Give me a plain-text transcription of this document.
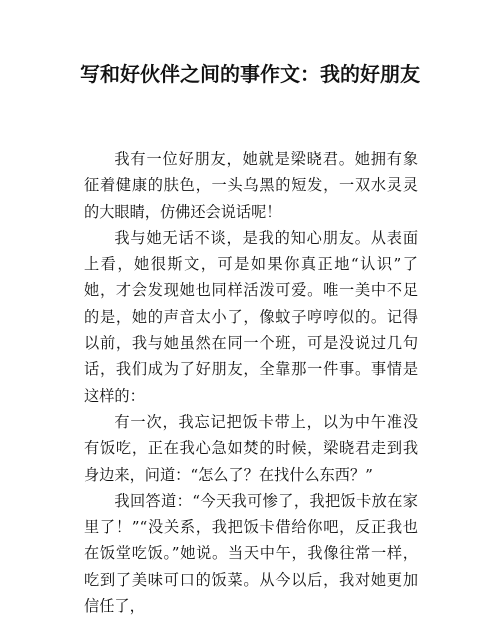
写和好伙伴之间的事作文：我的好朋友

我有一位好朋友，她就是梁晓君。她拥有象征着健康的肤色，一头乌黑的短发，一双水灵灵的大眼睛，仿佛还会说话呢！

我与她无话不谈，是我的知心朋友。从表面上看，她很斯文，可是如果你真正地“认识”了她，才会发现她也同样活泼可爱。唯一美中不足的是，她的声音太小了，像蚊子哼哼似的。记得以前，我与她虽然在同一个班，可是没说过几句话，我们成为了好朋友，全靠那一件事。事情是这样的：

有一次，我忘记把饭卡带上，以为中午准没有饭吃，正在我心急如焚的时候，梁晓君走到我身边来，问道：“怎么了？在找什么东西？”

我回答道：“今天我可惨了，我把饭卡放在家里了！”“没关系，我把饭卡借给你吧，反正我也在饭堂吃饭。”她说。当天中午，我像往常一样，吃到了美味可口的饭菜。从今以后，我对她更加信任了，
